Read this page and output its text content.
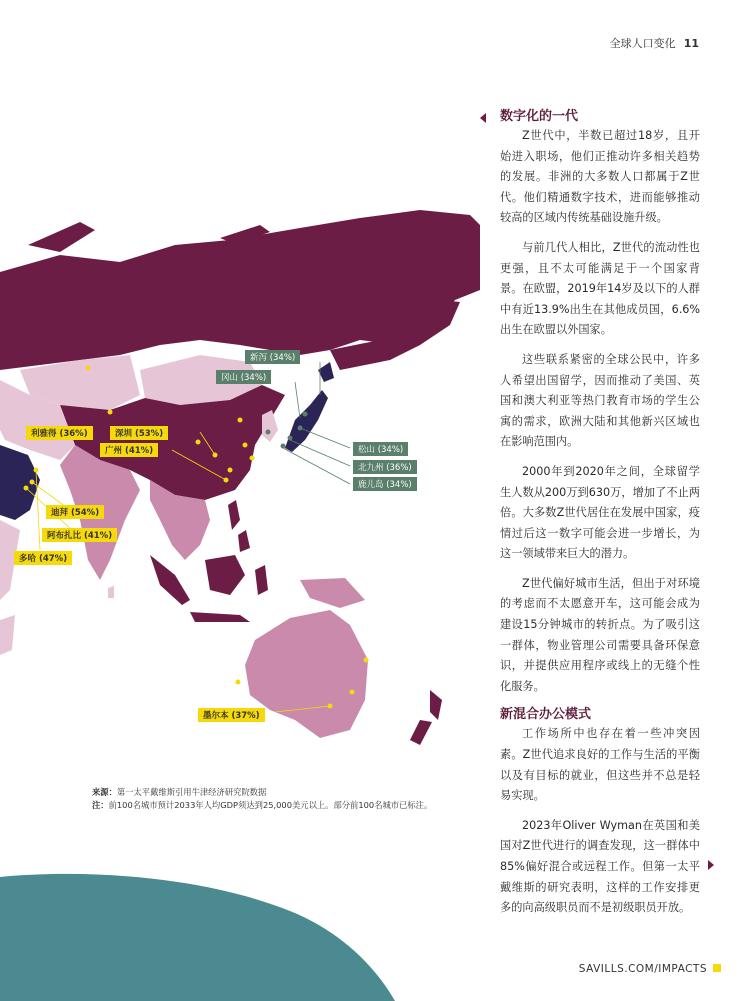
全球人口变化 11
新泻 (34%)
冈山 (34%)
利雅得 (36%)	深圳 (53%)
广州 (41%)	松山 (34%)
北九州 (36%)
鹿儿岛 (34%)
迪拜 (54%)
阿布扎比 (41%)
多哈 (47%)
墨尔本 (37%)
数字化的一代

Z世代中，半数已超过18岁，且开始进入职场，他们正推动许多相关趋势的发展。非洲的大多数人口都属于Z世代。他们精通数字技术，进而能够推动较高的区域内传统基础设施升级。

与前几代人相比，Z世代的流动性也更强，且不太可能满足于一个国家背景。在欧盟，2019年14岁及以下的人群中有近13.9%出生在其他成员国，6.6%出生在欧盟以外国家。

这些联系紧密的全球公民中，许多人希望出国留学，因而推动了美国、英国和澳大利亚等热门教育市场的学生公寓的需求，欧洲大陆和其他新兴区域也在影响范围内。

2000年到2020年之间，全球留学生人数从200万到630万，增加了不止两倍。大多数Z世代居住在发展中国家，疫情过后这一数字可能会进一步增长，为这一领域带来巨大的潜力。

Z世代偏好城市生活，但出于对环境的考虑而不太愿意开车，这可能会成为建设15分钟城市的转折点。为了吸引这一群体，物业管理公司需要具备环保意识，并提供应用程序或线上的无缝个性化服务。

新混合办公模式

工作场所中也存在着一些冲突因素。Z世代追求良好的工作与生活的平衡以及有目标的就业，但这些并不总是轻易实现。

2023年Oliver Wyman在英国和美国对Z世代进行的调查发现，这一群体中85%偏好混合或远程工作。但第一太平戴维斯的研究表明，这样的工作安排更多的向高级职员而不是初级职员开放。

来源：第一太平戴维斯引用牛津经济研究院数据
注：前100名城市预计2033年人均GDP须达到25,000美元以上。部分前100名城市已标注。
SAVILLS.COM/IMPACTS
